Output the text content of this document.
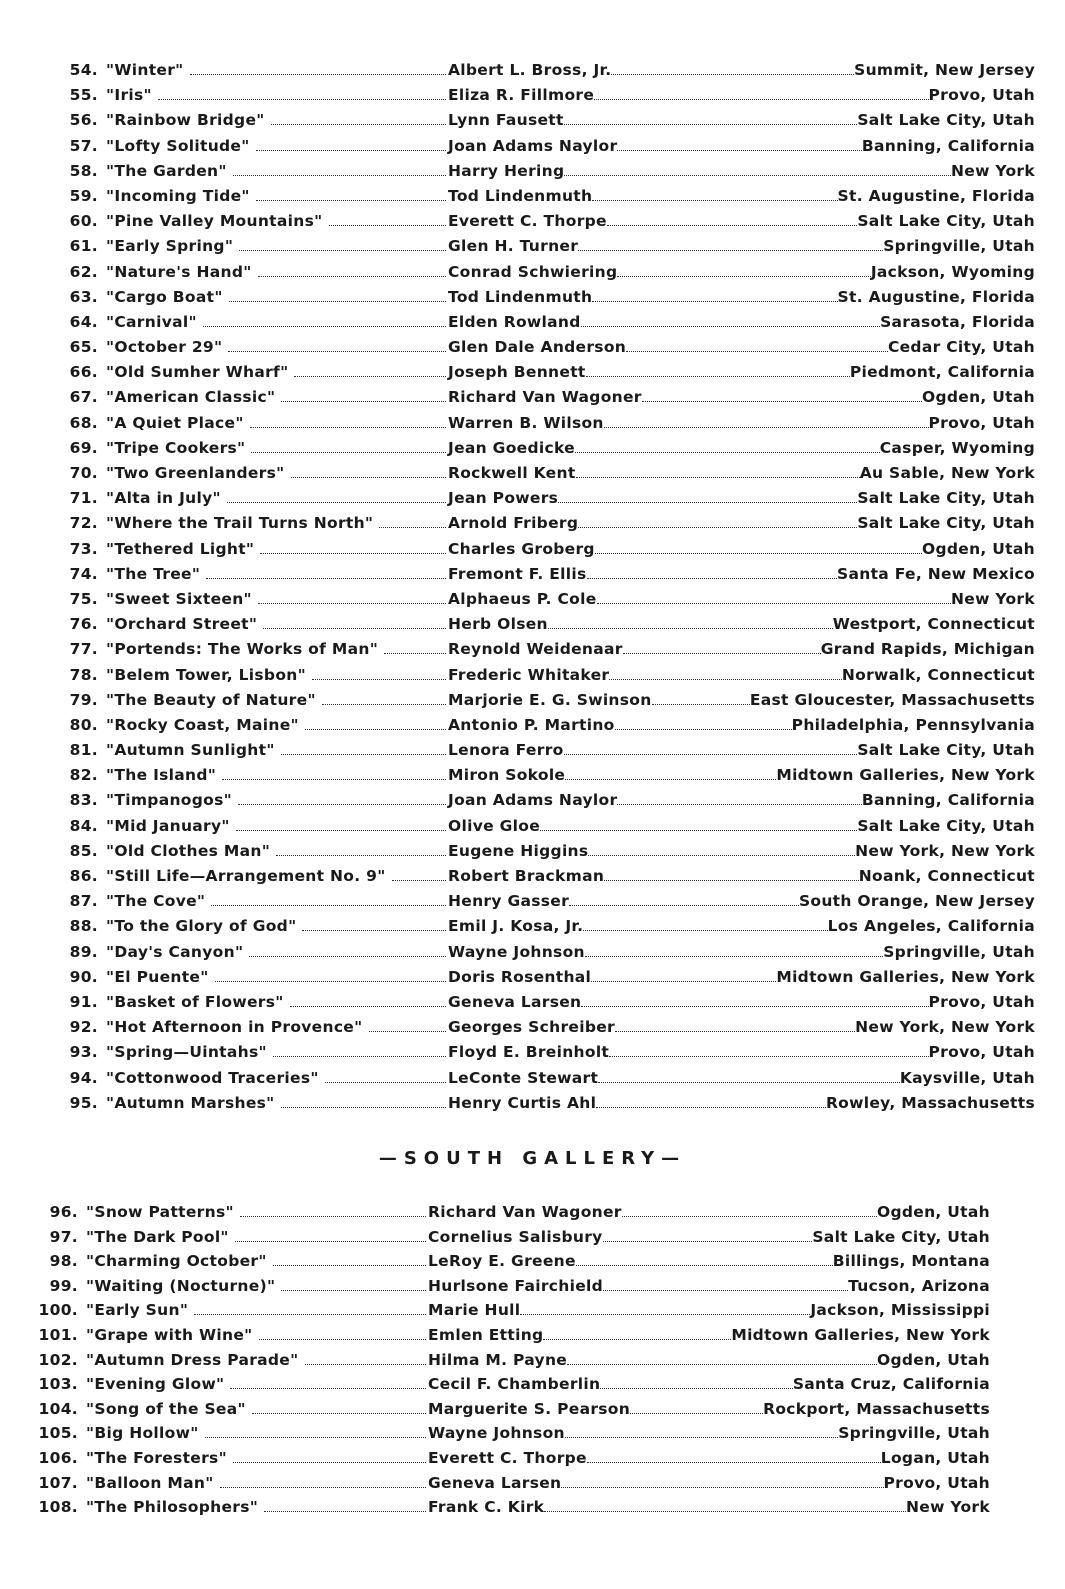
54. "Winter"	Albert L. Bross, Jr.	Summit, New Jersey
55. "Iris"	Eliza R. Fillmore	Provo, Utah
56. "Rainbow Bridge"	Lynn Fausett	Salt Lake City, Utah
57. "Lofty Solitude"	Joan Adams Naylor	Banning, California
58. "The Garden"	Harry Hering	New York
59. "Incoming Tide"	Tod Lindenmuth	St. Augustine, Florida
60. "Pine Valley Mountains"	Everett C. Thorpe	Salt Lake City, Utah
61. "Early Spring"	Glen H. Turner	Springville, Utah
62. "Nature's Hand"	Conrad Schwiering	Jackson, Wyoming
63. "Cargo Boat"	Tod Lindenmuth	St. Augustine, Florida
64. "Carnival"	Elden Rowland	Sarasota, Florida
65. "October 29"	Glen Dale Anderson	Cedar City, Utah
66. "Old Sumher Wharf"	Joseph Bennett	Piedmont, California
67. "American Classic"	Richard Van Wagoner	Ogden, Utah
68. "A Quiet Place"	Warren B. Wilson	Provo, Utah
69. "Tripe Cookers"	Jean Goedicke	Casper, Wyoming
70. "Two Greenlanders"	Rockwell Kent	Au Sable, New York
71. "Alta in July"	Jean Powers	Salt Lake City, Utah
72. "Where the Trail Turns North"	Arnold Friberg	Salt Lake City, Utah
73. "Tethered Light"	Charles Groberg	Ogden, Utah
74. "The Tree"	Fremont F. Ellis	Santa Fe, New Mexico
75. "Sweet Sixteen"	Alphaeus P. Cole	New York
76. "Orchard Street"	Herb Olsen	Westport, Connecticut
77. "Portends: The Works of Man"	Reynold Weidenaar	Grand Rapids, Michigan
78. "Belem Tower, Lisbon"	Frederic Whitaker	Norwalk, Connecticut
79. "The Beauty of Nature"	Marjorie E. G. Swinson	East Gloucester, Massachusetts
80. "Rocky Coast, Maine"	Antonio P. Martino	Philadelphia, Pennsylvania
81. "Autumn Sunlight"	Lenora Ferro	Salt Lake City, Utah
82. "The Island"	Miron Sokole	Midtown Galleries, New York
83. "Timpanogos"	Joan Adams Naylor	Banning, California
84. "Mid January"	Olive Gloe	Salt Lake City, Utah
85. "Old Clothes Man"	Eugene Higgins	New York, New York
86. "Still Life—Arrangement No. 9"	Robert Brackman	Noank, Connecticut
87. "The Cove"	Henry Gasser	South Orange, New Jersey
88. "To the Glory of God"	Emil J. Kosa, Jr.	Los Angeles, California
89. "Day's Canyon"	Wayne Johnson	Springville, Utah
90. "El Puente"	Doris Rosenthal	Midtown Galleries, New York
91. "Basket of Flowers"	Geneva Larsen	Provo, Utah
92. "Hot Afternoon in Provence"	Georges Schreiber	New York, New York
93. "Spring—Uintahs"	Floyd E. Breinholt	Provo, Utah
94. "Cottonwood Traceries"	LeConte Stewart	Kaysville, Utah
95. "Autumn Marshes"	Henry Curtis Ahl	Rowley, Massachusetts
—SOUTH GALLERY—
96. "Snow Patterns"	Richard Van Wagoner	Ogden, Utah
97. "The Dark Pool"	Cornelius Salisbury	Salt Lake City, Utah
98. "Charming October"	LeRoy E. Greene	Billings, Montana
99. "Waiting (Nocturne)"	Hurlsone Fairchield	Tucson, Arizona
100. "Early Sun"	Marie Hull	Jackson, Mississippi
101. "Grape with Wine"	Emlen Etting	Midtown Galleries, New York
102. "Autumn Dress Parade"	Hilma M. Payne	Ogden, Utah
103. "Evening Glow"	Cecil F. Chamberlin	Santa Cruz, California
104. "Song of the Sea"	Marguerite S. Pearson	Rockport, Massachusetts
105. "Big Hollow"	Wayne Johnson	Springville, Utah
106. "The Foresters"	Everett C. Thorpe	Logan, Utah
107. "Balloon Man"	Geneva Larsen	Provo, Utah
108. "The Philosophers"	Frank C. Kirk	New York
